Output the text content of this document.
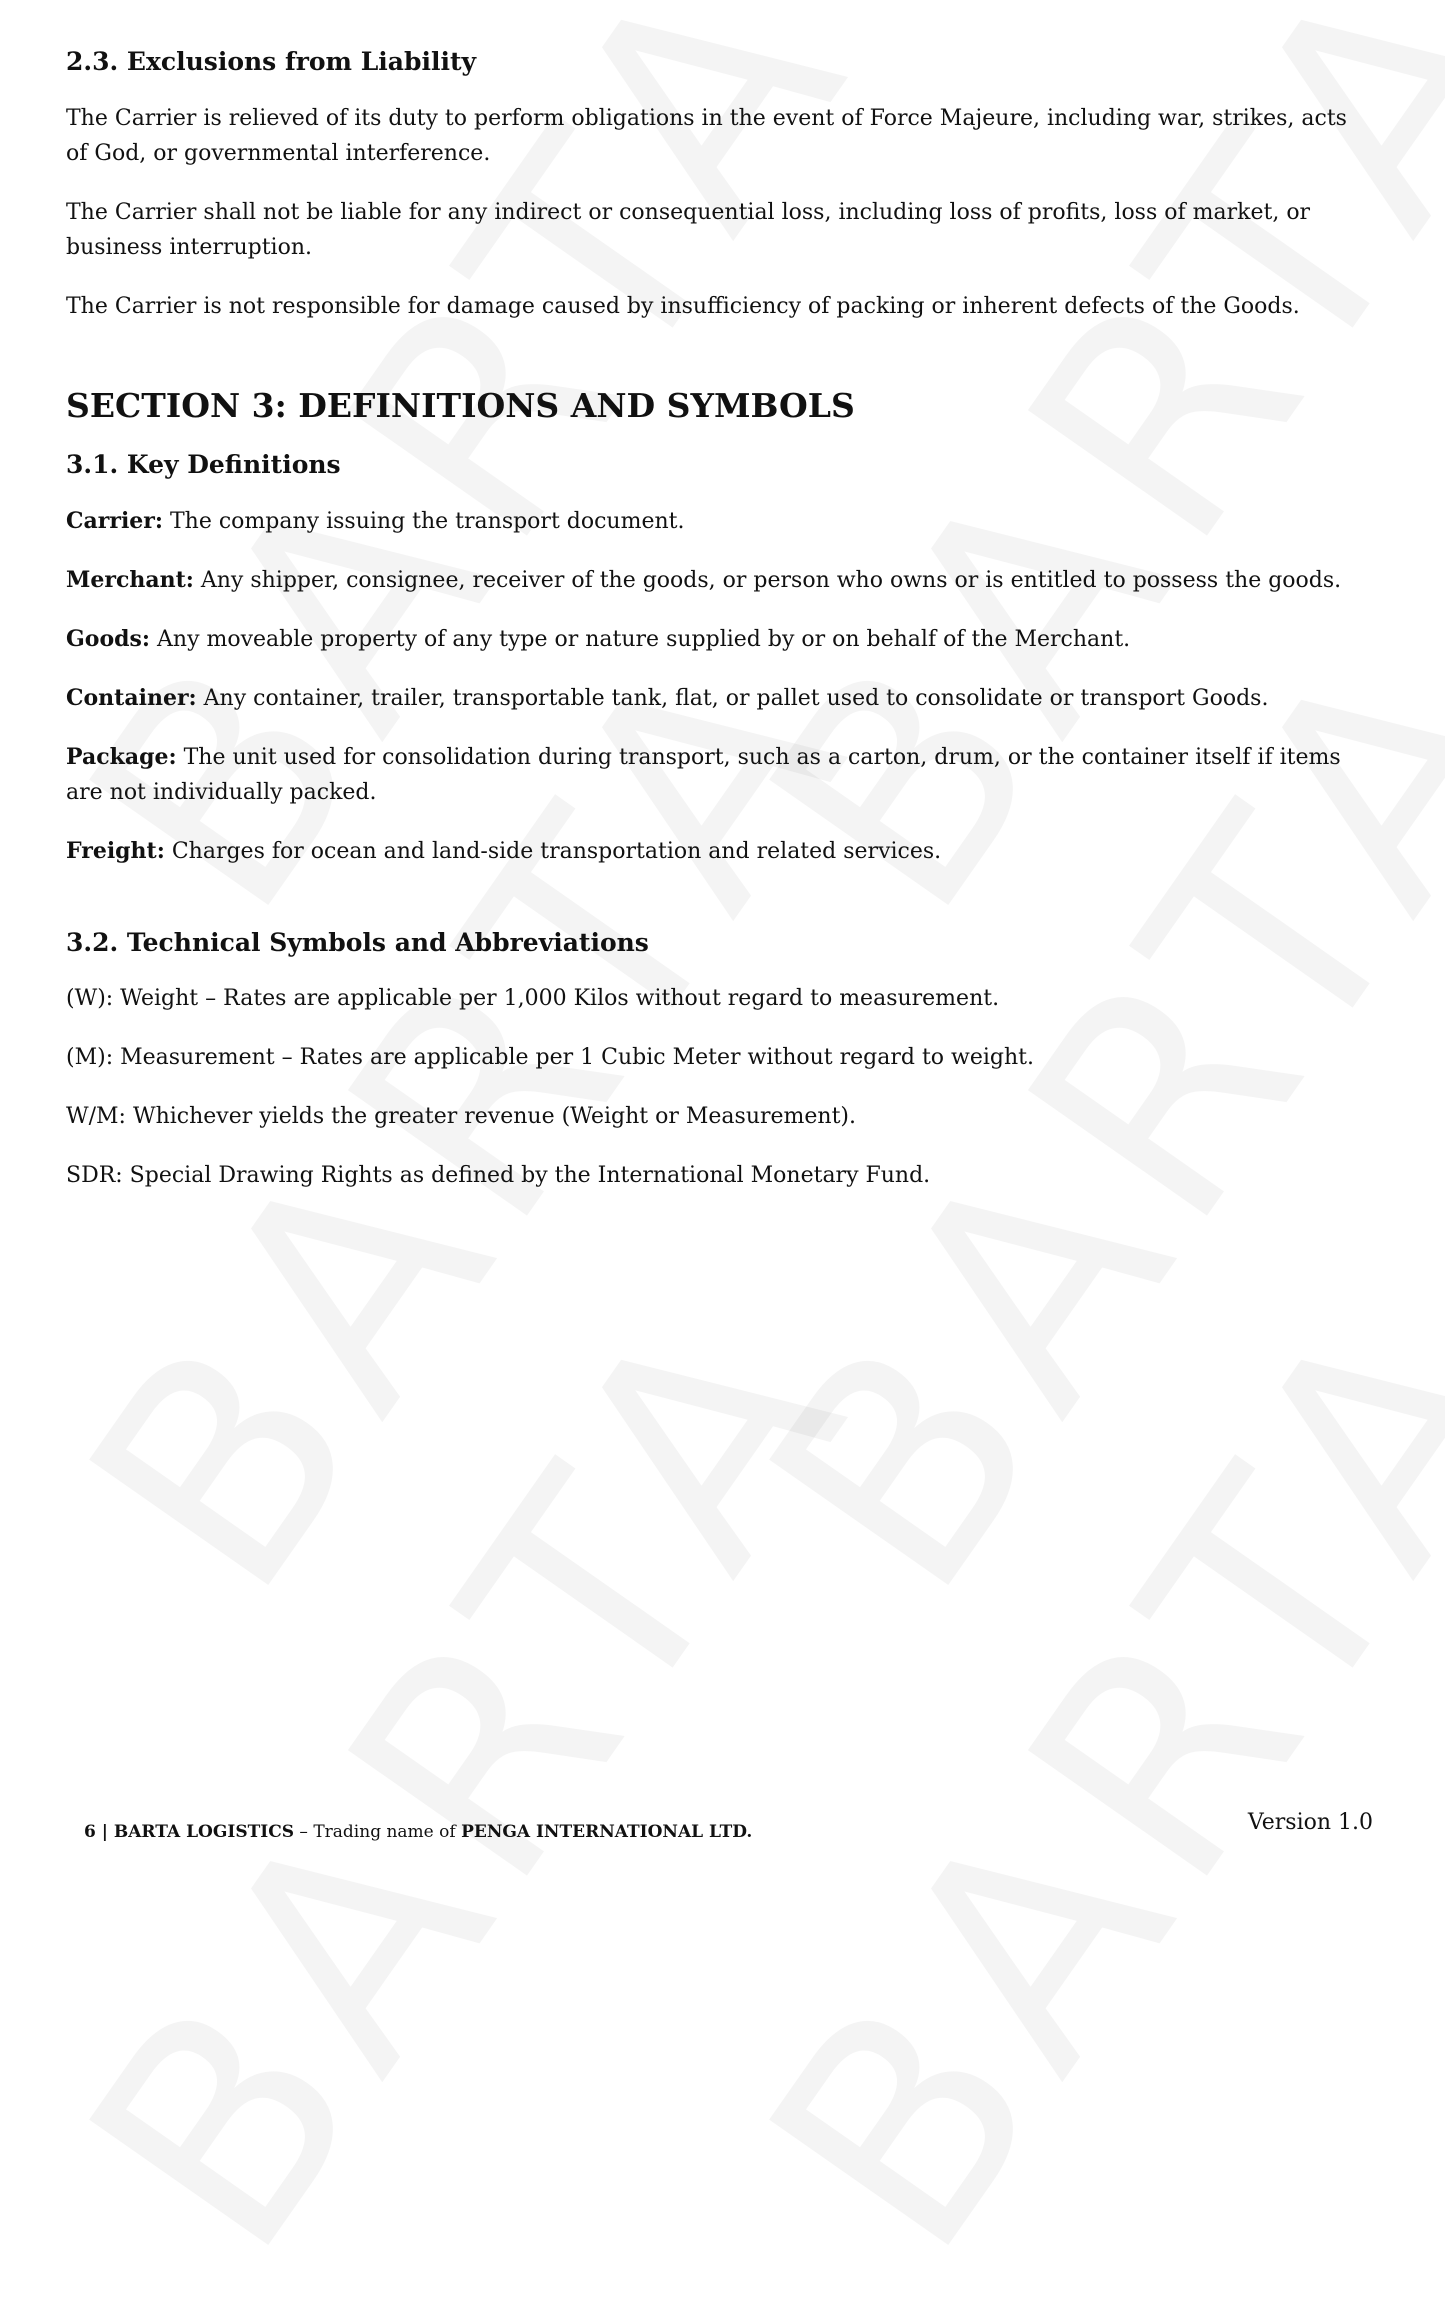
2.3. Exclusions from Liability

The Carrier is relieved of its duty to perform obligations in the event of Force Majeure, including war, strikes, acts of God, or governmental interference.

The Carrier shall not be liable for any indirect or consequential loss, including loss of profits, loss of market, or business interruption.

The Carrier is not responsible for damage caused by insufficiency of packing or inherent defects of the Goods.

SECTION 3: DEFINITIONS AND SYMBOLS
3.1. Key Definitions

Carrier: The company issuing the transport document.

Merchant: Any shipper, consignee, receiver of the goods, or person who owns or is entitled to possess the goods.

Goods: Any moveable property of any type or nature supplied by or on behalf of the Merchant.

Container: Any container, trailer, transportable tank, flat, or pallet used to consolidate or transport Goods.

Package: The unit used for consolidation during transport, such as a carton, drum, or the container itself if items are not individually packed.

Freight: Charges for ocean and land-side transportation and related services.

3.2. Technical Symbols and Abbreviations

(W): Weight – Rates are applicable per 1,000 Kilos without regard to measurement.

(M): Measurement – Rates are applicable per 1 Cubic Meter without regard to weight.

W/M: Whichever yields the greater revenue (Weight or Measurement).

SDR: Special Drawing Rights as defined by the International Monetary Fund.

6 | BARTA LOGISTICS – Trading name of PENGA INTERNATIONAL LTD.	Version 1.0
